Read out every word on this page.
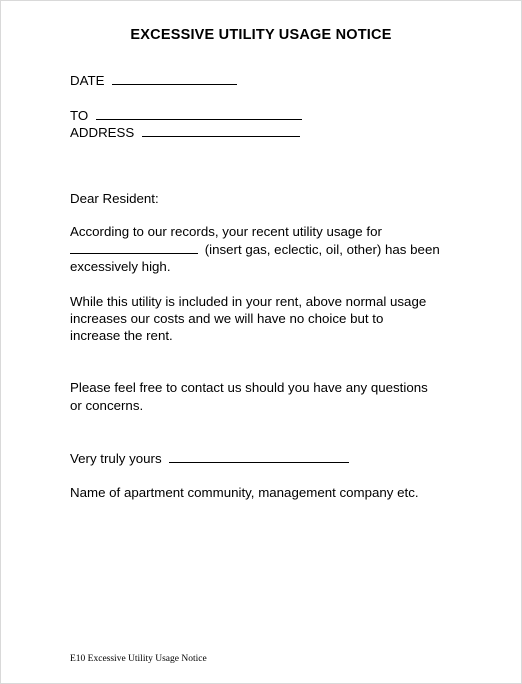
EXCESSIVE UTILITY USAGE NOTICE
DATE
TO
ADDRESS
Dear Resident:
According to our records, your recent utility usage for
(insert gas, eclectic, oil, other) has been
excessively high.
While this utility is included in your rent, above normal usage
increases our costs and we will have no choice but to
increase the rent.
Please feel free to contact us should you have any questions
or concerns.
Very truly yours
Name of apartment community, management company etc.
E10 Excessive Utility Usage Notice
